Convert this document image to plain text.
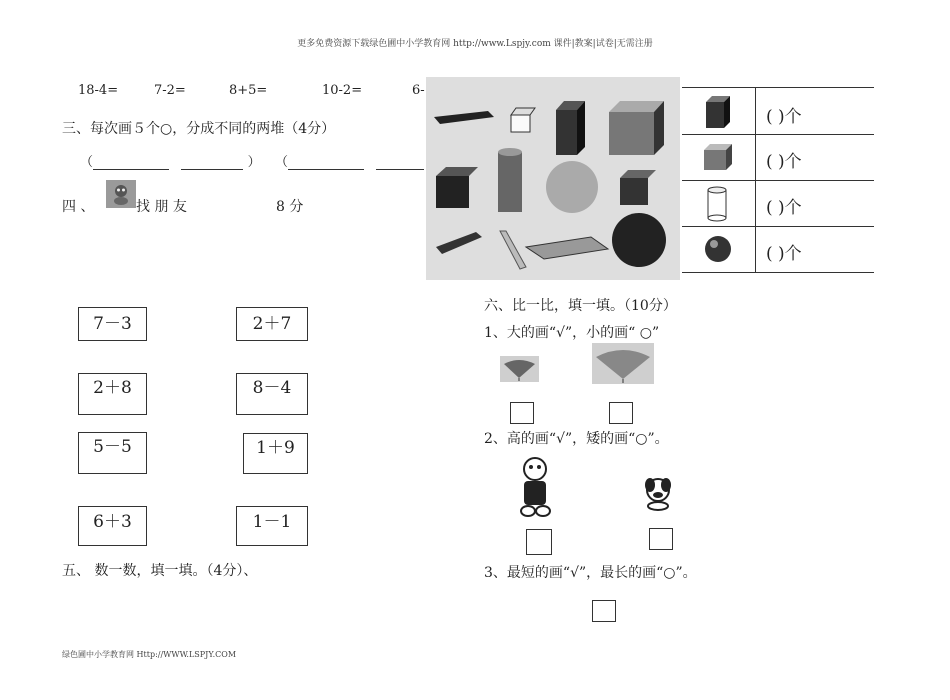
更多免费资源下载绿色圃中小学教育网 http://www.Lspjy.com 课件|教案|试卷|无需注册
18-4=	7-2=	8+5=	10-2=	6-
三、每次画５个○，分成不同的两堆（4分）
（	） （
四 、	找 朋 友	8 分
7－3	2＋7
2＋8	8－4
5－5	1＋9
6＋3	1－1
五、 数一数，填一填。（4分）、
( )个
( )个
( )个
( )个
六、比一比，填一填。（10分）
1、大的画“√”，小的画“ ○”
2、高的画“√”，矮的画“○”。
3、最短的画“√”，最长的画“○”。
绿色圃中小学教育网 Http://WWW.LSPJY.COM
